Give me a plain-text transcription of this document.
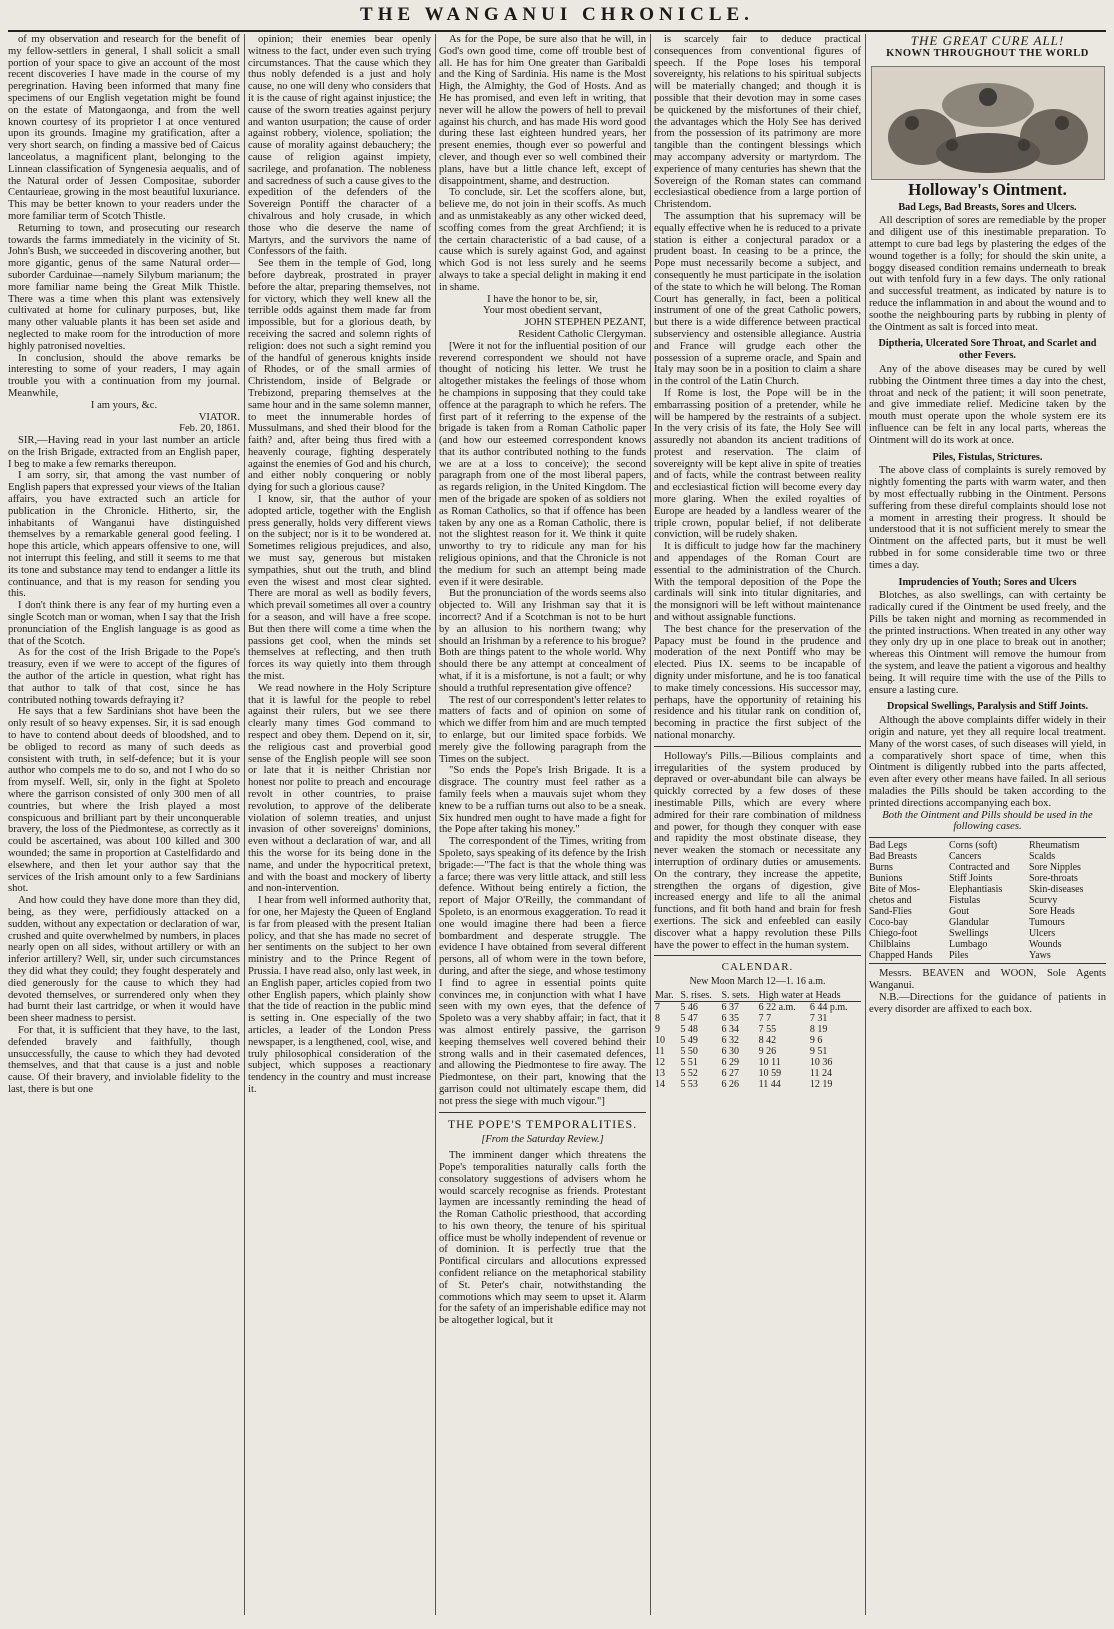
THE WANGANUI CHRONICLE.

of my observation and research for the benefit of my fellow-settlers in general, I shall solicit a small portion of your space to give an account of the most recent discoveries I have made in the course of my peregrination. Having been informed that many fine specimens of our English vegetation might be found on the estate of Matongaonga, and from the well known courtesy of its proprietor I at once ventured upon its grounds. Imagine my gratification, after a very short search, on finding a massive bed of Caicus lanceolatus, a magnificent plant, belonging to the Linnean classification of Syngenesia aequalis, and of the Natural order of Jessen Compositae, suborder Centaurieae, growing in the most beautiful luxuriance. This may be better known to your readers under the more familiar term of Scotch Thistle.

Returning to town, and prosecuting our research towards the farms immediately in the vicinity of St. John's Bush, we succeeded in discovering another, but more gigantic, genus of the same Natural order—suborder Carduinae—namely Silybum marianum; the more familiar name being the Great Milk Thistle. There was a time when this plant was extensively cultivated at home for culinary purposes, but, like many other valuable plants it has been set aside and neglected to make room for the introduction of more highly patronised novelties.

In conclusion, should the above remarks be interesting to some of your readers, I may again trouble you with a continuation from my journal. Meanwhile,

I am yours, &c.

VIATOR.

Feb. 20, 1861.

SIR,—Having read in your last number an article on the Irish Brigade, extracted from an English paper, I beg to make a few remarks thereupon.

I am sorry, sir, that among the vast number of English papers that expressed your views of the Italian affairs, you have extracted such an article for publication in the Chronicle. Hitherto, sir, the inhabitants of Wanganui have distinguished themselves by a remarkable general good feeling. I hope this article, which appears offensive to one, will not interrupt this feeling, and still it seems to me that its tone and substance may tend to endanger a little its continuance, and that is my reason for sending you this.

I don't think there is any fear of my hurting even a single Scotch man or woman, when I say that the Irish pronunciation of the English language is as good as that of the Scotch.

As for the cost of the Irish Brigade to the Pope's treasury, even if we were to accept of the figures of the author of the article in question, what right has that author to talk of that cost, since he has contributed nothing towards defraying it?

He says that a few Sardinians shot have been the only result of so heavy expenses. Sir, it is sad enough to have to contend about deeds of bloodshed, and to be obliged to record as many of such deeds as consistent with truth, in self-defence; but it is your author who compels me to do so, and not I who do so from myself. Well, sir, only in the fight at Spoleto where the garrison consisted of only 300 men of all countries, but where the Irish played a most conspicuous and brilliant part by their unconquerable bravery, the loss of the Piedmontese, as correctly as it could be ascertained, was about 100 killed and 300 wounded; the same in proportion at Castelfidardo and elsewhere, and then let your author say that the services of the Irish amount only to a few Sardinians shot.

And how could they have done more than they did, being, as they were, perfidiously attacked on a sudden, without any expectation or declaration of war, crushed and quite overwhelmed by numbers, in places nearly open on all sides, without artillery or with an inferior artillery? Well, sir, under such circumstances they did what they could; they fought desperately and died generously for the cause to which they had devoted themselves, or surrendered only when they had burnt their last cartridge, or when it would have been sheer madness to persist.

For that, it is sufficient that they have, to the last, defended bravely and faithfully, though unsuccessfully, the cause to which they had devoted themselves, and that that cause is a just and noble cause. Of their bravery, and inviolable fidelity to the last, there is but one

opinion; their enemies bear openly witness to the fact, under even such trying circumstances. That the cause which they thus nobly defended is a just and holy cause, no one will deny who considers that it is the cause of right against injustice; the cause of the sworn treaties against perjury and wanton usurpation; the cause of order against robbery, violence, spoliation; the cause of morality against debauchery; the cause of religion against impiety, sacrilege, and profanation. The nobleness and sacredness of such a cause gives to the expedition of the defenders of the Sovereign Pontiff the character of a chivalrous and holy crusade, in which those who die deserve the name of Martyrs, and the survivors the name of Confessors of the faith.

See them in the temple of God, long before daybreak, prostrated in prayer before the altar, preparing themselves, not for victory, which they well knew all the terrible odds against them made far from impossible, but for a glorious death, by receiving the sacred and solemn rights of religion: does not such a sight remind you of the handful of generous knights inside of Rhodes, or of the small armies of Christendom, inside of Belgrade or Trebizond, preparing themselves at the same hour and in the same solemn manner, to meet the innumerable hordes of Mussulmans, and shed their blood for the faith? and, after being thus fired with a heavenly courage, fighting desperately against the enemies of God and his church, and either nobly conquering or nobly dying for such a glorious cause?

I know, sir, that the author of your adopted article, together with the English press generally, holds very different views on the subject; nor is it to be wondered at. Sometimes religious prejudices, and also, we must say, generous but mistaken sympathies, shut out the truth, and blind even the wisest and most clear sighted. There are moral as well as bodily fevers, which prevail sometimes all over a country for a season, and will have a free scope. But then there will come a time when the passions get cool, when the minds set themselves at reflecting, and then truth forces its way quietly into them through the mist.

We read nowhere in the Holy Scripture that it is lawful for the people to rebel against their rulers, but we see there clearly many times God command to respect and obey them. Depend on it, sir, the religious cast and proverbial good sense of the English people will see soon or late that it is neither Christian nor honest nor polite to preach and encourage revolt in other countries, to praise revolution, to approve of the deliberate violation of solemn treaties, and unjust invasion of other sovereigns' dominions, even without a declaration of war, and all this the worse for its being done in the name, and under the hypocritical pretext, and with the boast and mockery of liberty and non-intervention.

I hear from well informed authority that, for one, her Majesty the Queen of England is far from pleased with the present Italian policy, and that she has made no secret of her sentiments on the subject to her own ministry and to the Prince Regent of Prussia. I have read also, only last week, in an English paper, articles copied from two other English papers, which plainly show that the tide of reaction in the public mind is setting in. One especially of the two articles, a leader of the London Press newspaper, is a lengthened, cool, wise, and truly philosophical consideration of the subject, which supposes a reactionary tendency in the country and must increase it.

As for the Pope, be sure also that he will, in God's own good time, come off trouble best of all. He has for him One greater than Garibaldi and the King of Sardinia. His name is the Most High, the Almighty, the God of Hosts. And as He has promised, and even left in writing, that never will he allow the powers of hell to prevail against his church, and has made His word good during these last eighteen hundred years, her present enemies, though ever so powerful and clever, and though ever so well combined their plans, have but a little chance left, except of disappointment, shame, and destruction.

To conclude, sir. Let the scoffers alone, but, believe me, do not join in their scoffs. As much and as unmistakeably as any other wicked deed, scoffing comes from the great Archfiend; it is the certain characteristic of a bad cause, of a cause which is surely against God, and against which God is not less surely and he seems always to take a special delight in making it end in shame.

I have the honor to be, sir,

Your most obedient servant,

JOHN STEPHEN PEZANT,

Resident Catholic Clergyman.

[Were it not for the influential position of our reverend correspondent we should not have thought of noticing his letter. We trust he altogether mistakes the feelings of those whom he champions in supposing that they could take offence at the paragraph to which he refers. The first part of it referring to the expense of the brigade is taken from a Roman Catholic paper (and how our esteemed correspondent knows that its author contributed nothing to the funds we are at a loss to conceive); the second paragraph from one of the most liberal papers, as regards religion, in the United Kingdom. The men of the brigade are spoken of as soldiers not as Roman Catholics, so that if offence has been taken by any one as a Roman Catholic, there is not the slightest reason for it. We think it quite unworthy to try to ridicule any man for his religious opinions, and that the Chronicle is not the medium for such an attempt being made even if it were desirable.

But the pronunciation of the words seems also objected to. Will any Irishman say that it is incorrect? And if a Scotchman is not to be hurt by an allusion to his northern twang; why should an Irishman by a reference to his brogue? Both are things patent to the whole world. Why should there be any attempt at concealment of what, if it is a misfortune, is not a fault; or why should a truthful representation give offence?

The rest of our correspondent's letter relates to matters of facts and of opinion on some of which we differ from him and are much tempted to enlarge, but our limited space forbids. We merely give the following paragraph from the Times on the subject.

"So ends the Pope's Irish Brigade. It is a disgrace. The country must feel rather as a family feels when a mauvais sujet whom they knew to be a ruffian turns out also to be a sneak. Six hundred men ought to have made a fight for the Pope after taking his money."

The correspondent of the Times, writing from Spoleto, says speaking of its defence by the Irish brigade:—"The fact is that the whole thing was a farce; there was very little attack, and still less defence. Without being entirely a fiction, the report of Major O'Reilly, the commandant of Spoleto, is an enormous exaggeration. To read it one would imagine there had been a fierce bombardment and desperate struggle. The evidence I have obtained from several different persons, all of whom were in the town before, during, and after the siege, and whose testimony I find to agree in essential points quite convinces me, in conjunction with what I have seen with my own eyes, that the defence of Spoleto was a very shabby affair; in fact, that it was almost entirely passive, the garrison keeping themselves well covered behind their strong walls and in their casemated defences, and allowing the Piedmontese to fire away. The Piedmontese, on their part, knowing that the garrison could not ultimately escape them, did not press the siege with much vigour."]

THE POPE'S TEMPORALITIES.
[From the Saturday Review.]

The imminent danger which threatens the Pope's temporalities naturally calls forth the consolatory suggestions of advisers whom he would scarcely recognise as friends. Protestant laymen are incessantly reminding the head of the Roman Catholic priesthood, that according to his own theory, the tenure of his spiritual office must be wholly independent of revenue or of dominion. It is perfectly true that the Pontifical circulars and allocutions expressed confident reliance on the metaphorical stability of St. Peter's chair, notwithstanding the commotions which may seem to upset it. Alarm for the safety of an imperishable edifice may not be altogether logical, but it

is scarcely fair to deduce practical consequences from conventional figures of speech. If the Pope loses his temporal sovereignty, his relations to his spiritual subjects will be materially changed; and though it is possible that their devotion may in some cases be quickened by the misfortunes of their chief, the advantages which the Holy See has derived from the possession of its patrimony are more tangible than the contingent blessings which may accompany adversity or martyrdom. The experience of many centuries has shewn that the Sovereign of the Roman states can command ecclesiastical obedience from a large portion of Christendom.

The assumption that his supremacy will be equally effective when he is reduced to a private station is either a conjectural paradox or a prudent boast. In ceasing to be a prince, the Pope must necessarily become a subject, and consequently he must participate in the isolation of the state to which he will belong. The Roman Court has generally, in fact, been a political instrument of one of the great Catholic powers, but there is a wide difference between practical subserviency and ostensible allegiance. Austria and France will grudge each other the possession of a supreme oracle, and Spain and Italy may soon be in a position to claim a share in the control of the Latin Church.

If Rome is lost, the Pope will be in the embarrassing position of a pretender, while he will be hampered by the restraints of a subject. In the very crisis of its fate, the Holy See will assuredly not abandon its ancient traditions of protest and reservation. The claim of sovereignty will be kept alive in spite of treaties and of facts, while the contrast between reality and ecclesiastical fiction will become every day more glaring. When the exiled royalties of Europe are headed by a landless wearer of the triple crown, popular belief, if not deliberate conviction, will be rudely shaken.

It is difficult to judge how far the machinery and appendages of the Roman Court are essential to the administration of the Church. With the temporal deposition of the Pope the cardinals will sink into titular dignitaries, and the monsignori will be left without maintenance and without assignable functions.

The best chance for the preservation of the Papacy must be found in the prudence and moderation of the next Pontiff who may be elected. Pius IX. seems to be incapable of dignity under misfortune, and he is too fanatical to make timely concessions. His successor may, perhaps, have the opportunity of retaining his residence and his titular rank on condition of, becoming in practice the first subject of the national monarchy.

Holloway's Pills.—Bilious complaints and irregularities of the system produced by depraved or over-abundant bile can always be quickly corrected by a few doses of these inestimable Pills, which are every where admired for their rare combination of mildness and power, for though they conquer with ease and rapidity the most obstinate disease, they never weaken the stomach or necessitate any interruption of ordinary duties or amusements. On the contrary, they increase the appetite, strengthen the organs of digestion, give increased energy and life to all the animal functions, and fit both hand and brain for fresh exertions. The sick and enfeebled can easily discover what a happy revolution these Pills have the power to effect in the human system.

CALENDAR.
New Moon March 12—1. 16 a.m.
Mar.	S. rises.	S. sets.	High water at Heads	
7	5 46	6 37	6 22 a.m.	6 44 p.m.
8	5 47	6 35	7 7	7 31
9	5 48	6 34	7 55	8 19
10	5 49	6 32	8 42	9 6
11	5 50	6 30	9 26	9 51
12	5 51	6 29	10 11	10 36
13	5 52	6 27	10 59	11 24
14	5 53	6 26	11 44	12 19
THE GREAT CURE ALL!
KNOWN THROUGHOUT THE WORLD
Holloway's Ointment.
Bad Legs, Bad Breasts, Sores and Ulcers.

All description of sores are remediable by the proper and diligent use of this inestimable preparation. To attempt to cure bad legs by plastering the edges of the wound together is a folly; for should the skin unite, a boggy diseased condition remains underneath to break out with tenfold fury in a few days. The only rational and successful treatment, as indicated by nature is to reduce the inflammation in and about the wound and to soothe the neighbouring parts by rubbing in plenty of the Ointment as salt is forced into meat.

Diptheria, Ulcerated Sore Throat, and Scarlet and other Fevers.

Any of the above diseases may be cured by well rubbing the Ointment three times a day into the chest, throat and neck of the patient; it will soon penetrate, and give immediate relief. Medicine taken by the mouth must operate upon the whole system ere its influence can be felt in any local parts, whereas the Ointment will do its work at once.

Piles, Fistulas, Strictures.

The above class of complaints is surely removed by nightly fomenting the parts with warm water, and then by most effectually rubbing in the Ointment. Persons suffering from these direful complaints should lose not a moment in arresting their progress. It should be understood that it is not sufficient merely to smear the Ointment on the affected parts, but it must be well rubbed in for some considerable time two or three times a day.

Imprudencies of Youth; Sores and Ulcers

Blotches, as also swellings, can with certainty be radically cured if the Ointment be used freely, and the Pills be taken night and morning as recommended in the printed instructions. When treated in any other way they only dry up in one place to break out in another; whereas this Ointment will remove the humour from the system, and leave the patient a vigorous and healthy being. It will require time with the use of the Pills to ensure a lasting cure.

Dropsical Swellings, Paralysis and Stiff Joints.

Although the above complaints differ widely in their origin and nature, yet they all require local treatment. Many of the worst cases, of such diseases will yield, in a comparatively short space of time, when this Ointment is diligently rubbed into the parts affected, even after every other means have failed. In all serious maladies the Pills should be taken according to the printed directions accompanying each box.

Both the Ointment and Pills should be used in the following cases.

Bad Legs	Corns (soft)	Rheumatism
Bad Breasts	Cancers	Scalds
Burns	Contracted and	Sore Nipples
Bunions	Stiff Joints	Sore-throats
Bite of Mos-	Elephantiasis	Skin-diseases
chetos and	Fistulas	Scurvy
Sand-Flies	Gout	Sore Heads
Coco-bay	Glandular	Tumours
Chiego-foot	Swellings	Ulcers
Chilblains	Lumbago	Wounds
Chapped Hands	Piles	Yaws

Messrs. BEAVEN and WOON, Sole Agents Wanganui.

N.B.—Directions for the guidance of patients in every disorder are affixed to each box.
